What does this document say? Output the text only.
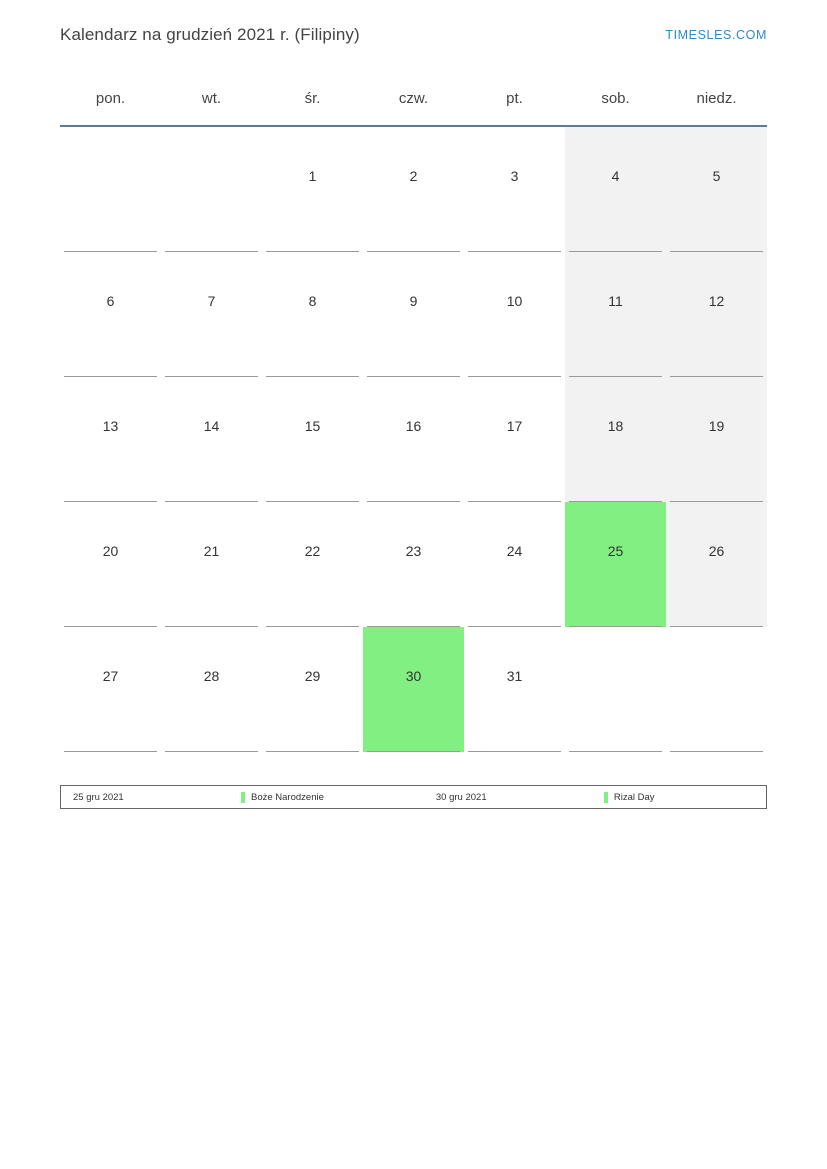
Kalendarz na grudzień 2021 r. (Filipiny)	TIMESLES.COM
pon.	wt.	śr.	czw.	pt.	sob.	niedz.

		1	2	3	4	5

6	7	8	9	10	11	12

13	14	15	16	17	18	19

20	21	22	23	24	25	26

27	28	29	30	31		

25 gru 2021	Boże Narodzenie	30 gru 2021	Rizal Day
